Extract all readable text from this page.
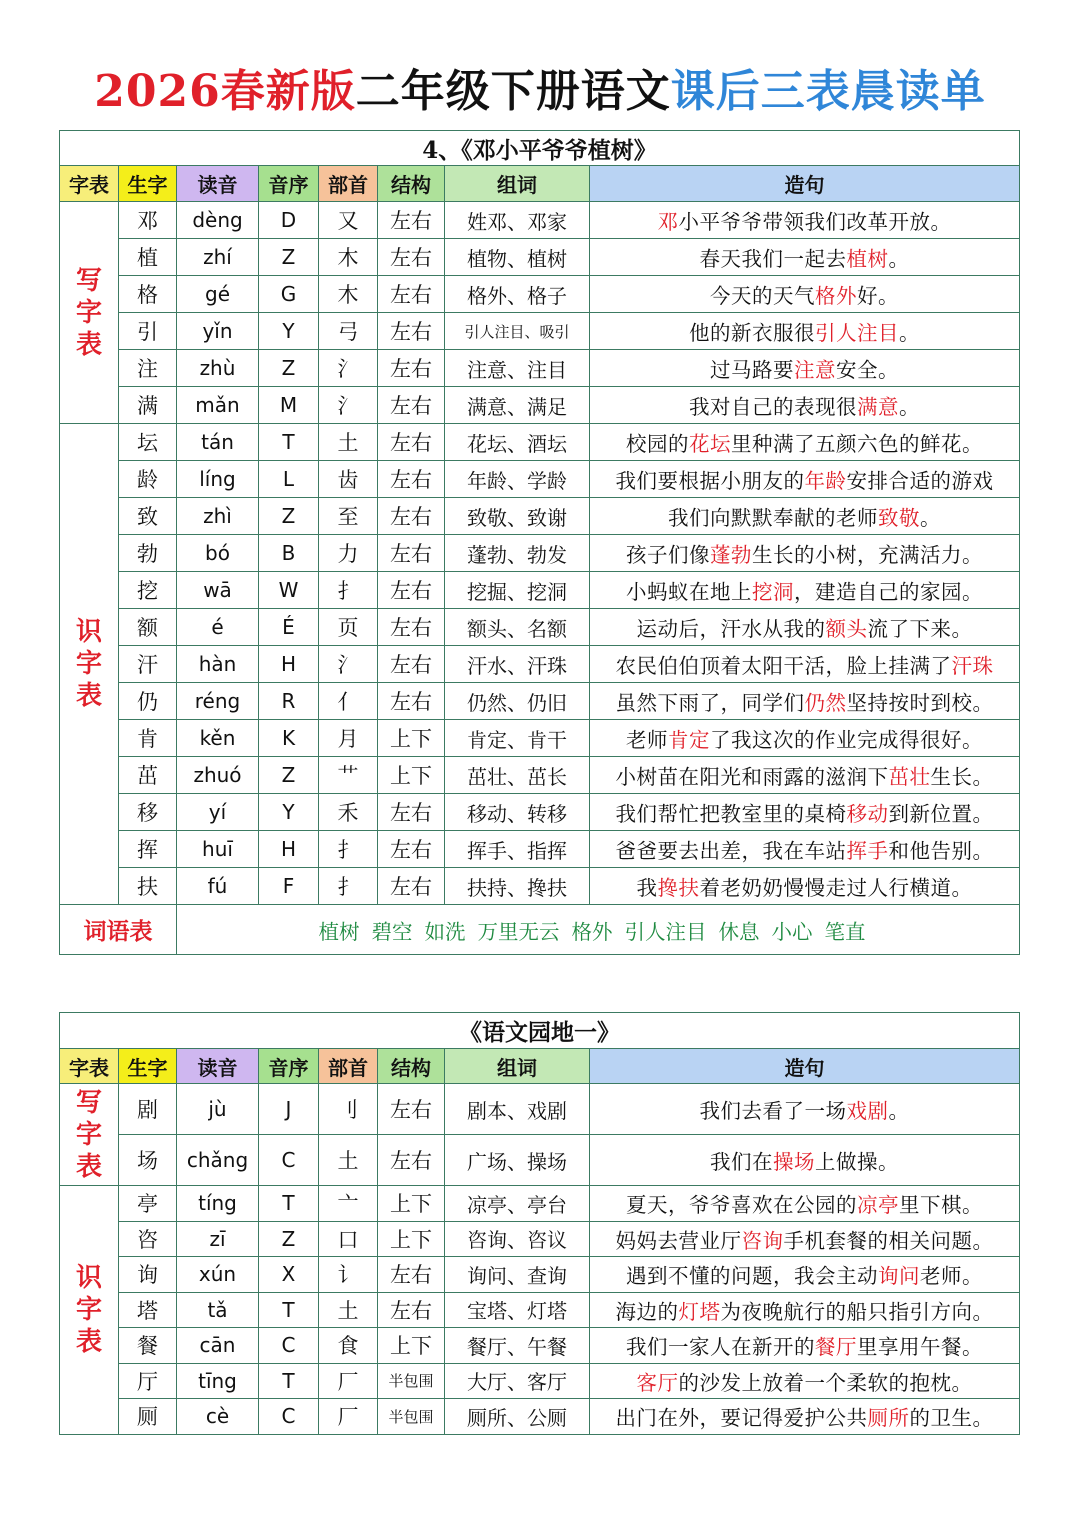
2026春新版二年级下册语文课后三表晨读单
4、《邓小平爷爷植树》							
字表	生字	读音	音序	部首	结构	组词	造句

写
字
表	邓	dèng	D	又	左右	姓邓、邓家	邓小平爷爷带领我们改革开放。
	植	zhí	Z	木	左右	植物、植树	春天我们一起去植树。
	格	gé	G	木	左右	格外、格子	今天的天气格外好。
	引	yǐn	Y	弓	左右	引人注目、吸引	他的新衣服很引人注目。
	注	zhù	Z	氵	左右	注意、注目	过马路要注意安全。
	满	mǎn	M	氵	左右	满意、满足	我对自己的表现很满意。

识
字
表	坛	tán	T	土	左右	花坛、酒坛	校园的花坛里种满了五颜六色的鲜花。
	龄	líng	L	齿	左右	年龄、学龄	我们要根据小朋友的年龄安排合适的游戏
	致	zhì	Z	至	左右	致敬、致谢	我们向默默奉献的老师致敬。
	勃	bó	B	力	左右	蓬勃、勃发	孩子们像蓬勃生长的小树，充满活力。
	挖	wā	W	扌	左右	挖掘、挖洞	小蚂蚁在地上挖洞，建造自己的家园。
	额	é	É	页	左右	额头、名额	运动后，汗水从我的额头流了下来。
	汗	hàn	H	氵	左右	汗水、汗珠	农民伯伯顶着太阳干活，脸上挂满了汗珠
	仍	réng	R	亻	左右	仍然、仍旧	虽然下雨了，同学们仍然坚持按时到校。
	肯	kěn	K	月	上下	肯定、肯干	老师肯定了我这次的作业完成得很好。
	茁	zhuó	Z	艹	上下	茁壮、茁长	小树苗在阳光和雨露的滋润下茁壮生长。
	移	yí	Y	禾	左右	移动、转移	我们帮忙把教室里的桌椅移动到新位置。
	挥	huī	H	扌	左右	挥手、指挥	爸爸要去出差，我在车站挥手和他告别。
	扶	fú	F	扌	左右	扶持、搀扶	我搀扶着老奶奶慢慢走过人行横道。
词语表		植树 碧空 如洗 万里无云 格外 引人注目 休息 小心 笔直					
《语文园地一》							
字表	生字	读音	音序	部首	结构	组词	造句

写
字
表	剧	jù	J	刂	左右	剧本、戏剧	我们去看了一场戏剧。
	场	chǎng	C	土	左右	广场、操场	我们在操场上做操。

识
字
表	亭	tíng	T	亠	上下	凉亭、亭台	夏天，爷爷喜欢在公园的凉亭里下棋。
	咨	zī	Z	口	上下	咨询、咨议	妈妈去营业厅咨询手机套餐的相关问题。
	询	xún	X	讠	左右	询问、查询	遇到不懂的问题，我会主动询问老师。
	塔	tǎ	T	土	左右	宝塔、灯塔	海边的灯塔为夜晚航行的船只指引方向。
	餐	cān	C	食	上下	餐厅、午餐	我们一家人在新开的餐厅里享用午餐。
	厅	tīng	T	厂	半包围	大厅、客厅	客厅的沙发上放着一个柔软的抱枕。
	厕	cè	C	厂	半包围	厕所、公厕	出门在外，要记得爱护公共厕所的卫生。
